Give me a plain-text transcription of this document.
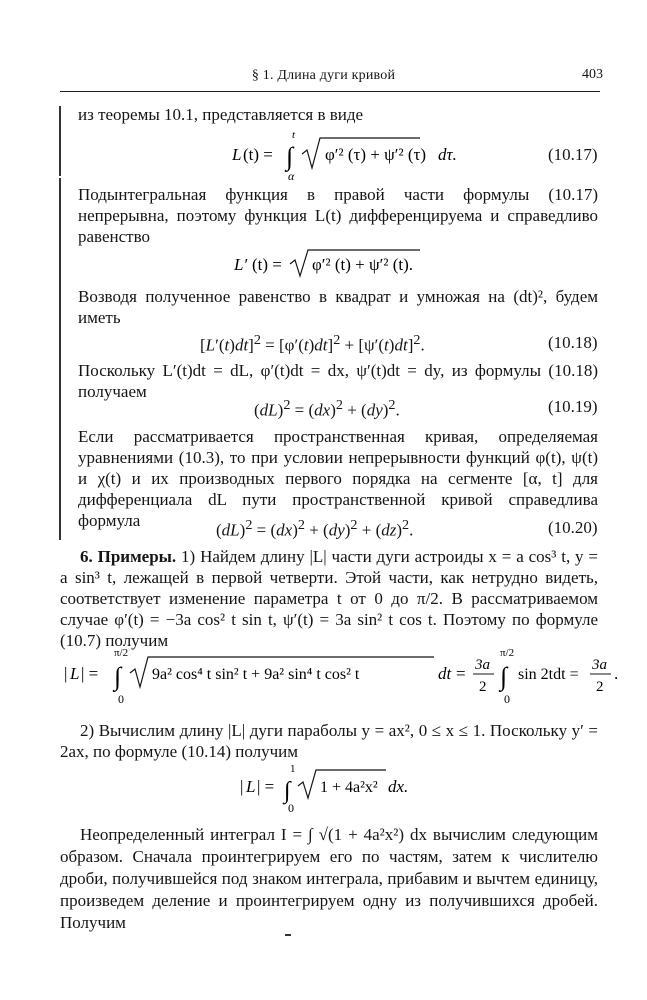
§ 1. Длина дуги кривой	403
из теоремы 10.1, представляется в виде
L (t) = ∫
t
α
φ′² (τ) + ψ′² (τ) dτ.	(10.17)
Подынтегральная функция в правой части формулы (10.17) непрерывна, поэтому функция L(t) дифференцируема и справедливо равенство
L′ (t) = φ′² (t) + ψ′² (t).
Возводя полученное равенство в квадрат и умножая на (dt)², будем иметь
$[L'(t)dt]^2 = [\varphi'(t)dt]^2 + [\psi'(t)dt]^2$.	(10.18)
Поскольку L′(t)dt = dL, φ′(t)dt = dx, ψ′(t)dt = dy, из формулы (10.18) получаем
(dL)$^2$ = (dx)$^2$ + (dy)$^2$.	(10.19)
Если рассматривается пространственная кривая, определяемая уравнениями (10.3), то при условии непрерывности функций φ(t), ψ(t) и χ(t) и их производных первого порядка на сегменте [α, t] для дифференциала dL пути пространственной кривой справедлива формула
(dL)$^2$ = (dx)$^2$ + (dy)$^2$ + (dz)$^2$.	(10.20)
6. Примеры. 1) Найдем длину |L| части дуги астроиды x = a cos³ t, y = a sin³ t, лежащей в первой четверти. Этой части, как нетрудно видеть, соответствует изменение параметра t от 0 до π/2. В рассматриваемом случае φ′(t) = −3a cos² t sin t, ψ′(t) = 3a sin² t cos t. Поэтому по формуле (10.7) получим
| L | = ∫
π/2
0
9a² cos⁴ t sin² t + 9a² sin⁴ t cos² t	dt = 3a
2 ∫
π/2
0
sin 2tdt =
3a
2
.
2) Вычислим длину |L| дуги параболы y = ax², 0 ≤ x ≤ 1. Поскольку y′ = 2ax, по формуле (10.14) получим
| L | = ∫
1
0
1 + 4a²x² dx.
Неопределенный интеграл I = ∫ √(1 + 4a²x²) dx вычислим следующим образом. Сначала проинтегрируем его по частям, затем к числителю дроби, получившейся под знаком интеграла, прибавим и вычтем единицу, произведем деление и проинтегрируем одну из получившихся дробей. Получим
